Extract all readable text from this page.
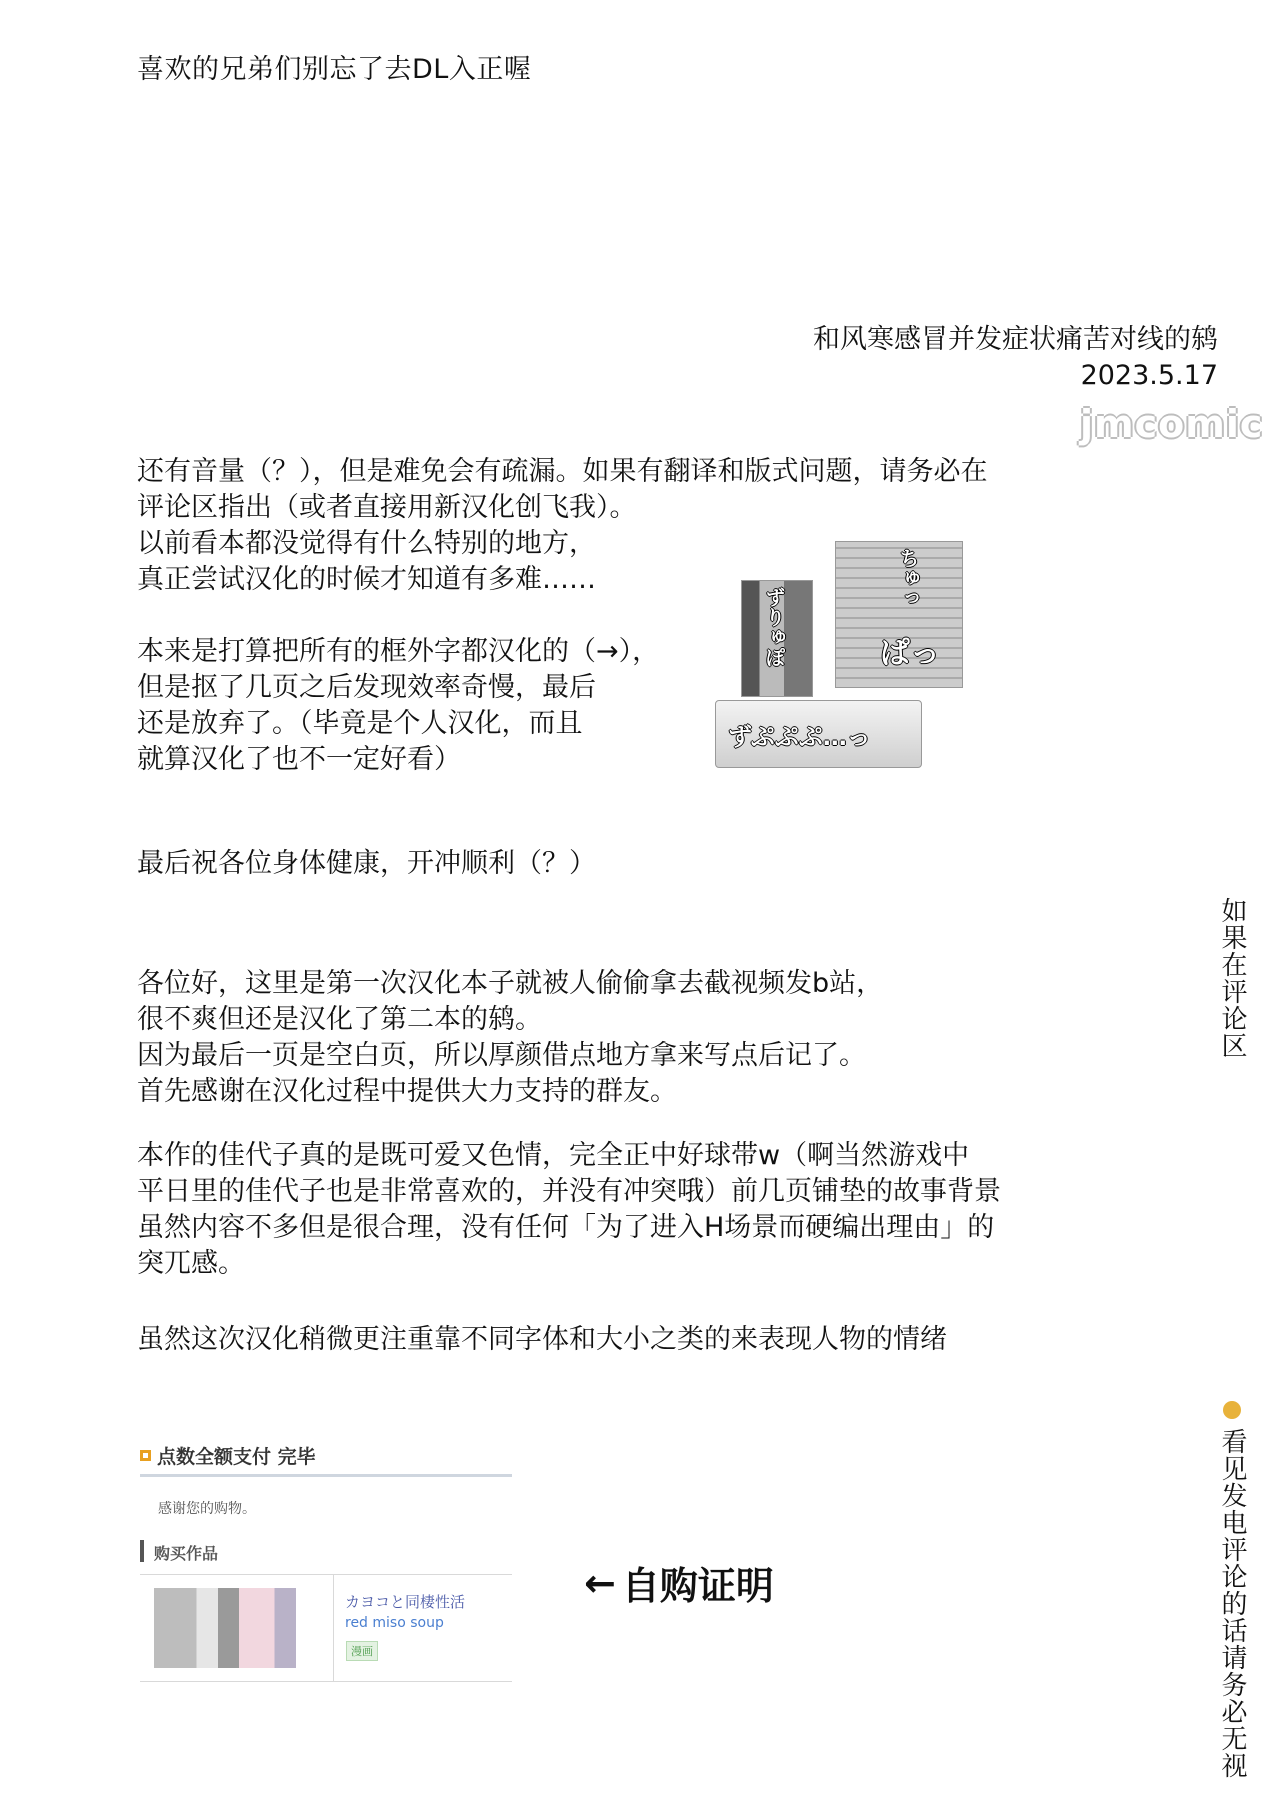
喜欢的兄弟们别忘了去DL入正喔
和风寒感冒并发症状痛苦对线的鸫
2023.5.17
jmcomic
还有音量（？），但是难免会有疏漏。如果有翻译和版式问题，请务必在
评论区指出（或者直接用新汉化创飞我）。
以前看本都没觉得有什么特别的地方，
真正尝试汉化的时候才知道有多难……
本来是打算把所有的框外字都汉化的（→），
但是抠了几页之后发现效率奇慢，最后
还是放弃了。（毕竟是个人汉化，而且
就算汉化了也不一定好看）
ずりゅぽ
ちゅっ
ぱっ
ずぷぷぷ…っ
最后祝各位身体健康，开冲顺利（？）
各位好，这里是第一次汉化本子就被人偷偷拿去截视频发b站，
很不爽但还是汉化了第二本的鸫。
因为最后一页是空白页，所以厚颜借点地方拿来写点后记了。
首先感谢在汉化过程中提供大力支持的群友。
本作的佳代子真的是既可爱又色情，完全正中好球带w（啊当然游戏中
平日里的佳代子也是非常喜欢的，并没有冲突哦）前几页铺垫的故事背景
虽然内容不多但是很合理，没有任何「为了进入H场景而硬编出理由」的
突兀感。
虽然这次汉化稍微更注重靠不同字体和大小之类的来表现人物的情绪
如果在评论区
看见发电评论的话请务必无视
点数全额支付 完毕
感谢您的购物。
购买作品
カヨコと同棲性活
red miso soup
漫画
← 自购证明
